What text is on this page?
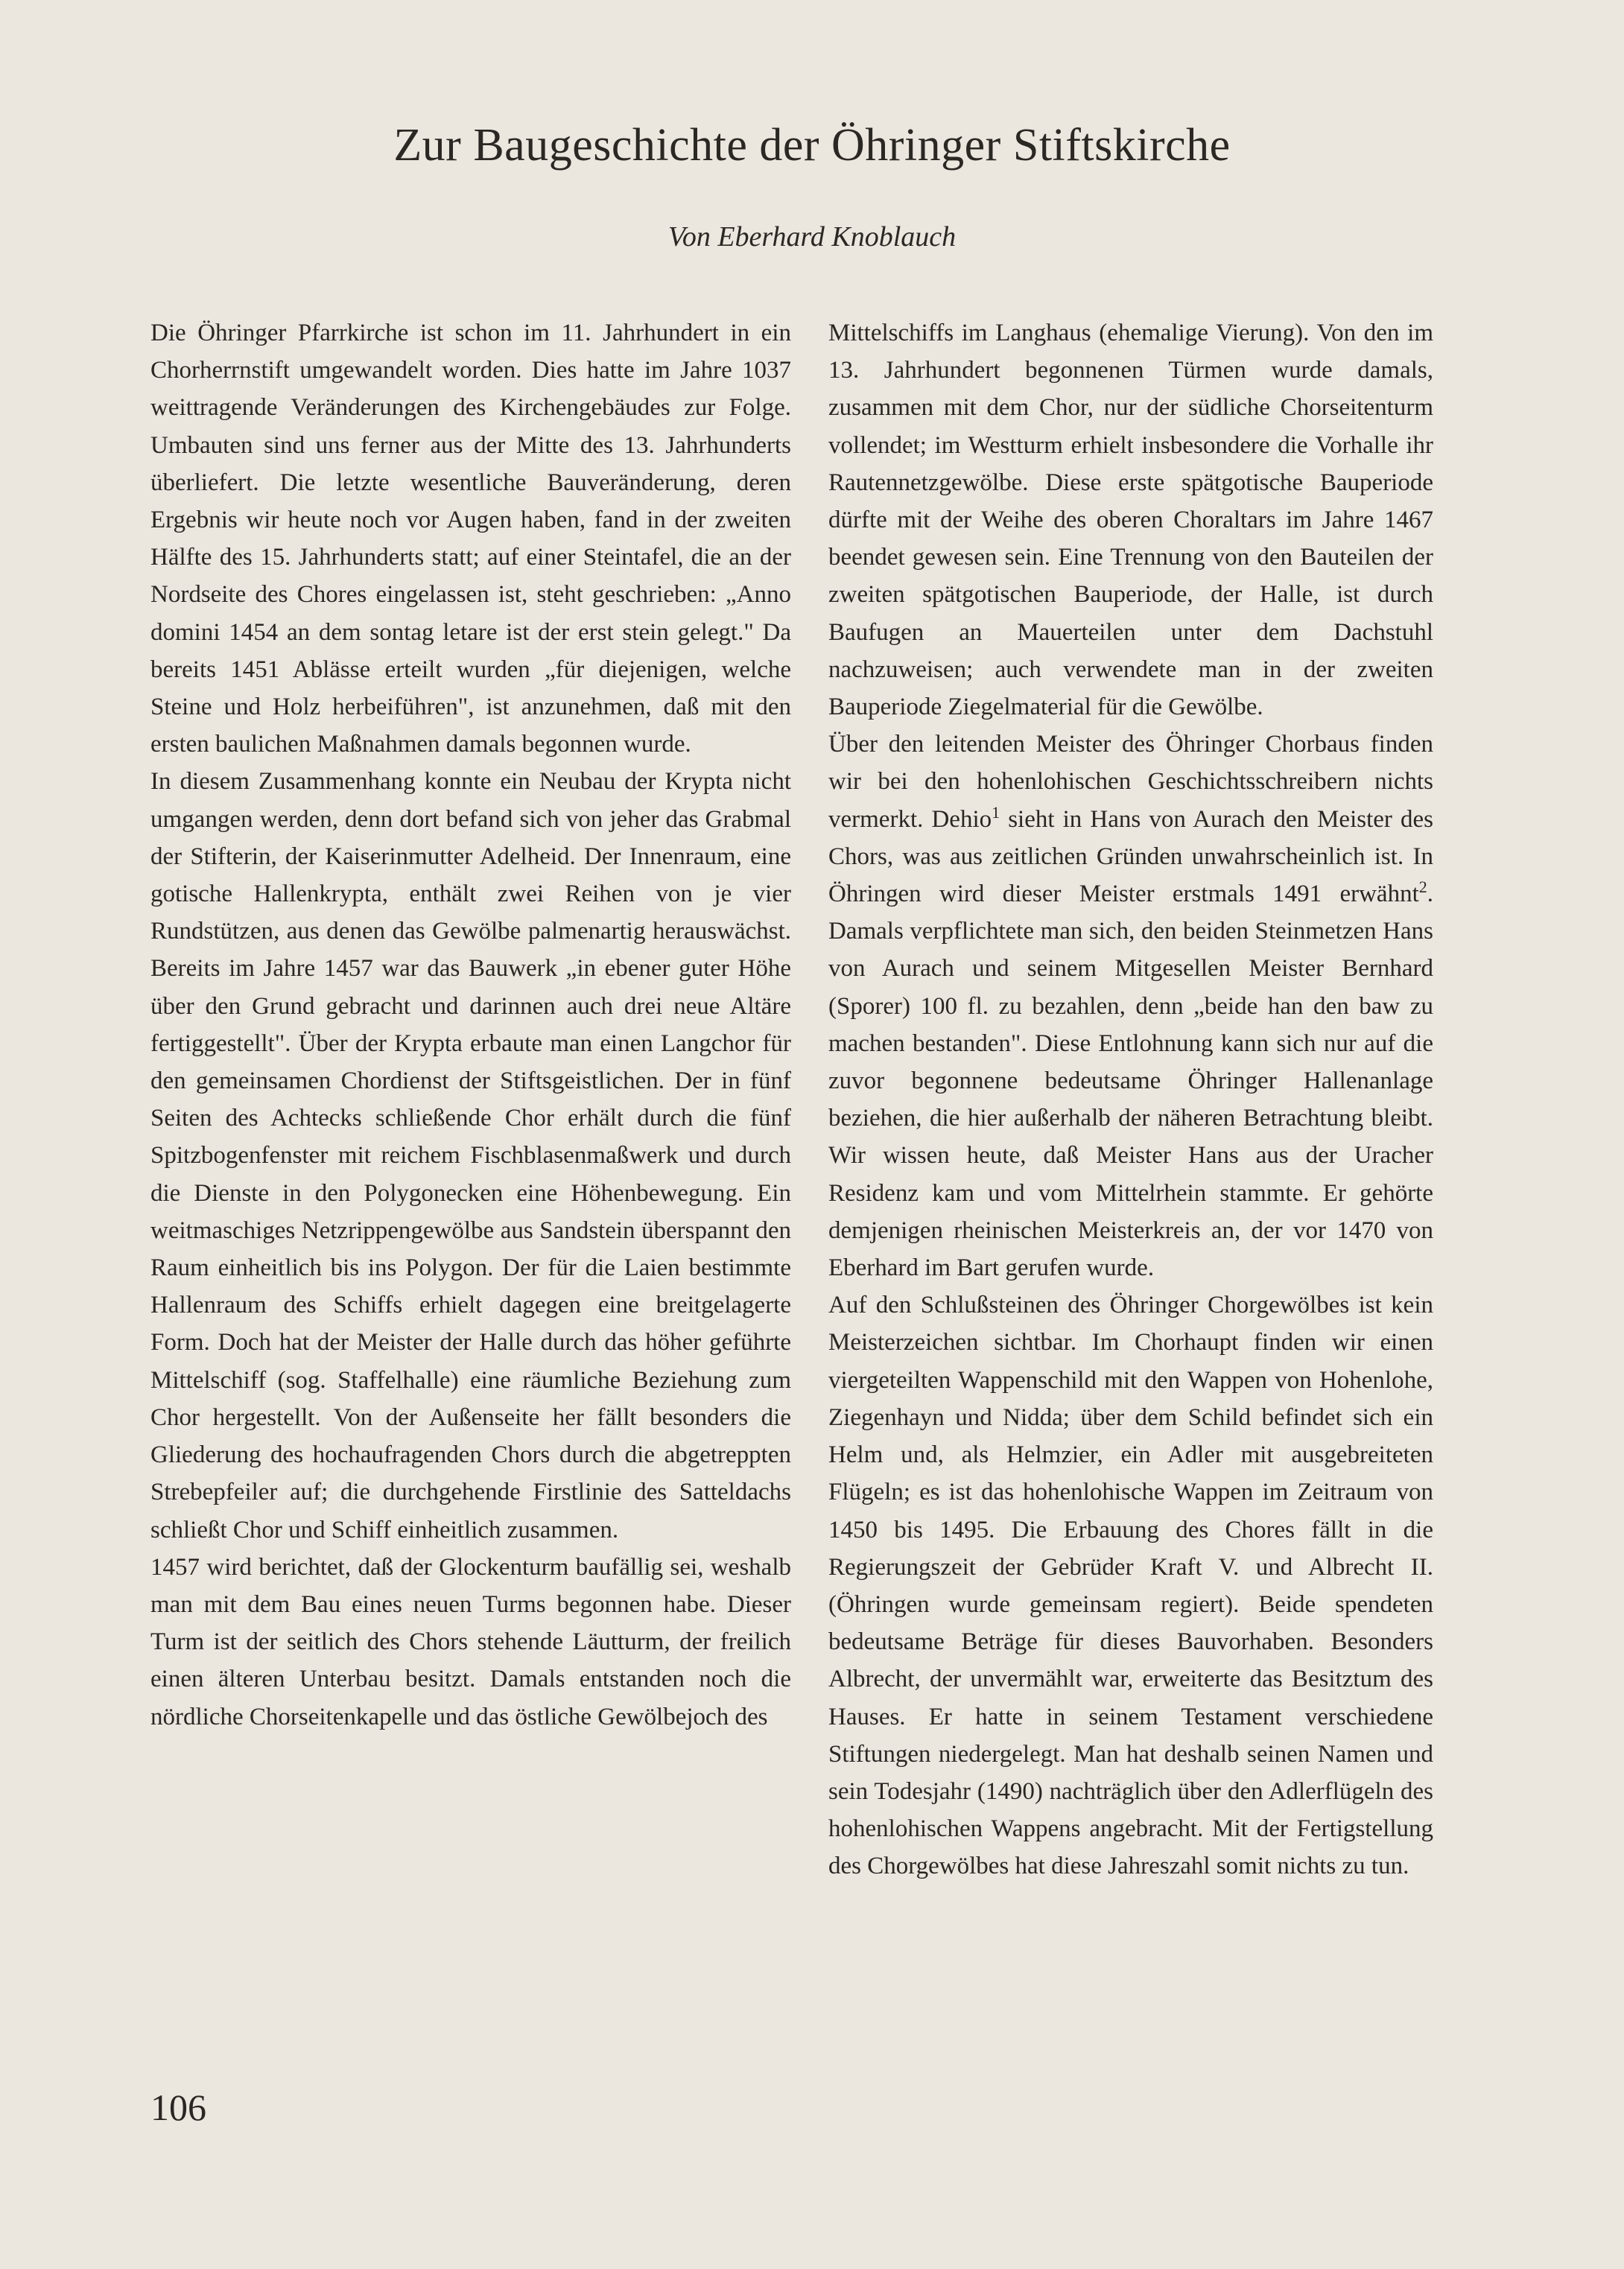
Zur Baugeschichte der Öhringer Stiftskirche
Von Eberhard Knoblauch

Die Öhringer Pfarrkirche ist schon im 11. Jahrhundert in ein Chorherrnstift umgewandelt worden. Dies hatte im Jahre 1037 weittragende Veränderungen des Kirchengebäudes zur Folge. Umbauten sind uns ferner aus der Mitte des 13. Jahrhunderts überliefert. Die letzte wesentliche Bauveränderung, deren Ergebnis wir heute noch vor Augen haben, fand in der zweiten Hälfte des 15. Jahrhunderts statt; auf einer Steintafel, die an der Nordseite des Chores eingelassen ist, steht geschrieben: „Anno domini 1454 an dem sontag letare ist der erst stein gelegt." Da bereits 1451 Ablässe erteilt wurden „für diejenigen, welche Steine und Holz herbeiführen", ist anzunehmen, daß mit den ersten baulichen Maßnahmen damals begonnen wurde.

In diesem Zusammenhang konnte ein Neubau der Krypta nicht umgangen werden, denn dort befand sich von jeher das Grabmal der Stifterin, der Kaiserinmutter Adelheid. Der Innenraum, eine gotische Hallenkrypta, enthält zwei Reihen von je vier Rundstützen, aus denen das Gewölbe palmenartig herauswächst. Bereits im Jahre 1457 war das Bauwerk „in ebener guter Höhe über den Grund gebracht und darinnen auch drei neue Altäre fertiggestellt". Über der Krypta erbaute man einen Langchor für den gemeinsamen Chordienst der Stiftsgeistlichen. Der in fünf Seiten des Achtecks schließende Chor erhält durch die fünf Spitzbogenfenster mit reichem Fischblasenmaßwerk und durch die Dienste in den Polygonecken eine Höhenbewegung. Ein weitmaschiges Netzrippengewölbe aus Sandstein überspannt den Raum einheitlich bis ins Polygon. Der für die Laien bestimmte Hallenraum des Schiffs erhielt dagegen eine breitgelagerte Form. Doch hat der Meister der Halle durch das höher geführte Mittelschiff (sog. Staffelhalle) eine räumliche Beziehung zum Chor hergestellt. Von der Außenseite her fällt besonders die Gliederung des hochaufragenden Chors durch die abgetreppten Strebepfeiler auf; die durchgehende Firstlinie des Satteldachs schließt Chor und Schiff einheitlich zusammen.

1457 wird berichtet, daß der Glockenturm baufällig sei, weshalb man mit dem Bau eines neuen Turms begonnen habe. Dieser Turm ist der seitlich des Chors stehende Läutturm, der freilich einen älteren Unterbau besitzt. Damals entstanden noch die nördliche Chorseitenkapelle und das östliche Gewölbejoch des

Mittelschiffs im Langhaus (ehemalige Vierung). Von den im 13. Jahrhundert begonnenen Türmen wurde damals, zusammen mit dem Chor, nur der südliche Chorseitenturm vollendet; im Westturm erhielt insbesondere die Vorhalle ihr Rautennetzgewölbe. Diese erste spätgotische Bauperiode dürfte mit der Weihe des oberen Choraltars im Jahre 1467 beendet gewesen sein. Eine Trennung von den Bauteilen der zweiten spätgotischen Bauperiode, der Halle, ist durch Baufugen an Mauerteilen unter dem Dachstuhl nachzuweisen; auch verwendete man in der zweiten Bauperiode Ziegelmaterial für die Gewölbe.

Über den leitenden Meister des Öhringer Chorbaus finden wir bei den hohenlohischen Geschichtsschreibern nichts vermerkt. Dehio$^1$ sieht in Hans von Aurach den Meister des Chors, was aus zeitlichen Gründen unwahrscheinlich ist. In Öhringen wird dieser Meister erstmals 1491 erwähnt$^2$. Damals verpflichtete man sich, den beiden Steinmetzen Hans von Aurach und seinem Mitgesellen Meister Bernhard (Sporer) 100 fl. zu bezahlen, denn „beide han den baw zu machen bestanden". Diese Entlohnung kann sich nur auf die zuvor begonnene bedeutsame Öhringer Hallenanlage beziehen, die hier außerhalb der näheren Betrachtung bleibt. Wir wissen heute, daß Meister Hans aus der Uracher Residenz kam und vom Mittelrhein stammte. Er gehörte demjenigen rheinischen Meisterkreis an, der vor 1470 von Eberhard im Bart gerufen wurde.

Auf den Schlußsteinen des Öhringer Chorgewölbes ist kein Meisterzeichen sichtbar. Im Chorhaupt finden wir einen viergeteilten Wappenschild mit den Wappen von Hohenlohe, Ziegenhayn und Nidda; über dem Schild befindet sich ein Helm und, als Helmzier, ein Adler mit ausgebreiteten Flügeln; es ist das hohenlohische Wappen im Zeitraum von 1450 bis 1495. Die Erbauung des Chores fällt in die Regierungszeit der Gebrüder Kraft V. und Albrecht II. (Öhringen wurde gemeinsam regiert). Beide spendeten bedeutsame Beträge für dieses Bauvorhaben. Besonders Albrecht, der unvermählt war, erweiterte das Besitztum des Hauses. Er hatte in seinem Testament verschiedene Stiftungen niedergelegt. Man hat deshalb seinen Namen und sein Todesjahr (1490) nachträglich über den Adlerflügeln des hohenlohischen Wappens angebracht. Mit der Fertigstellung des Chorgewölbes hat diese Jahreszahl somit nichts zu tun.

106
